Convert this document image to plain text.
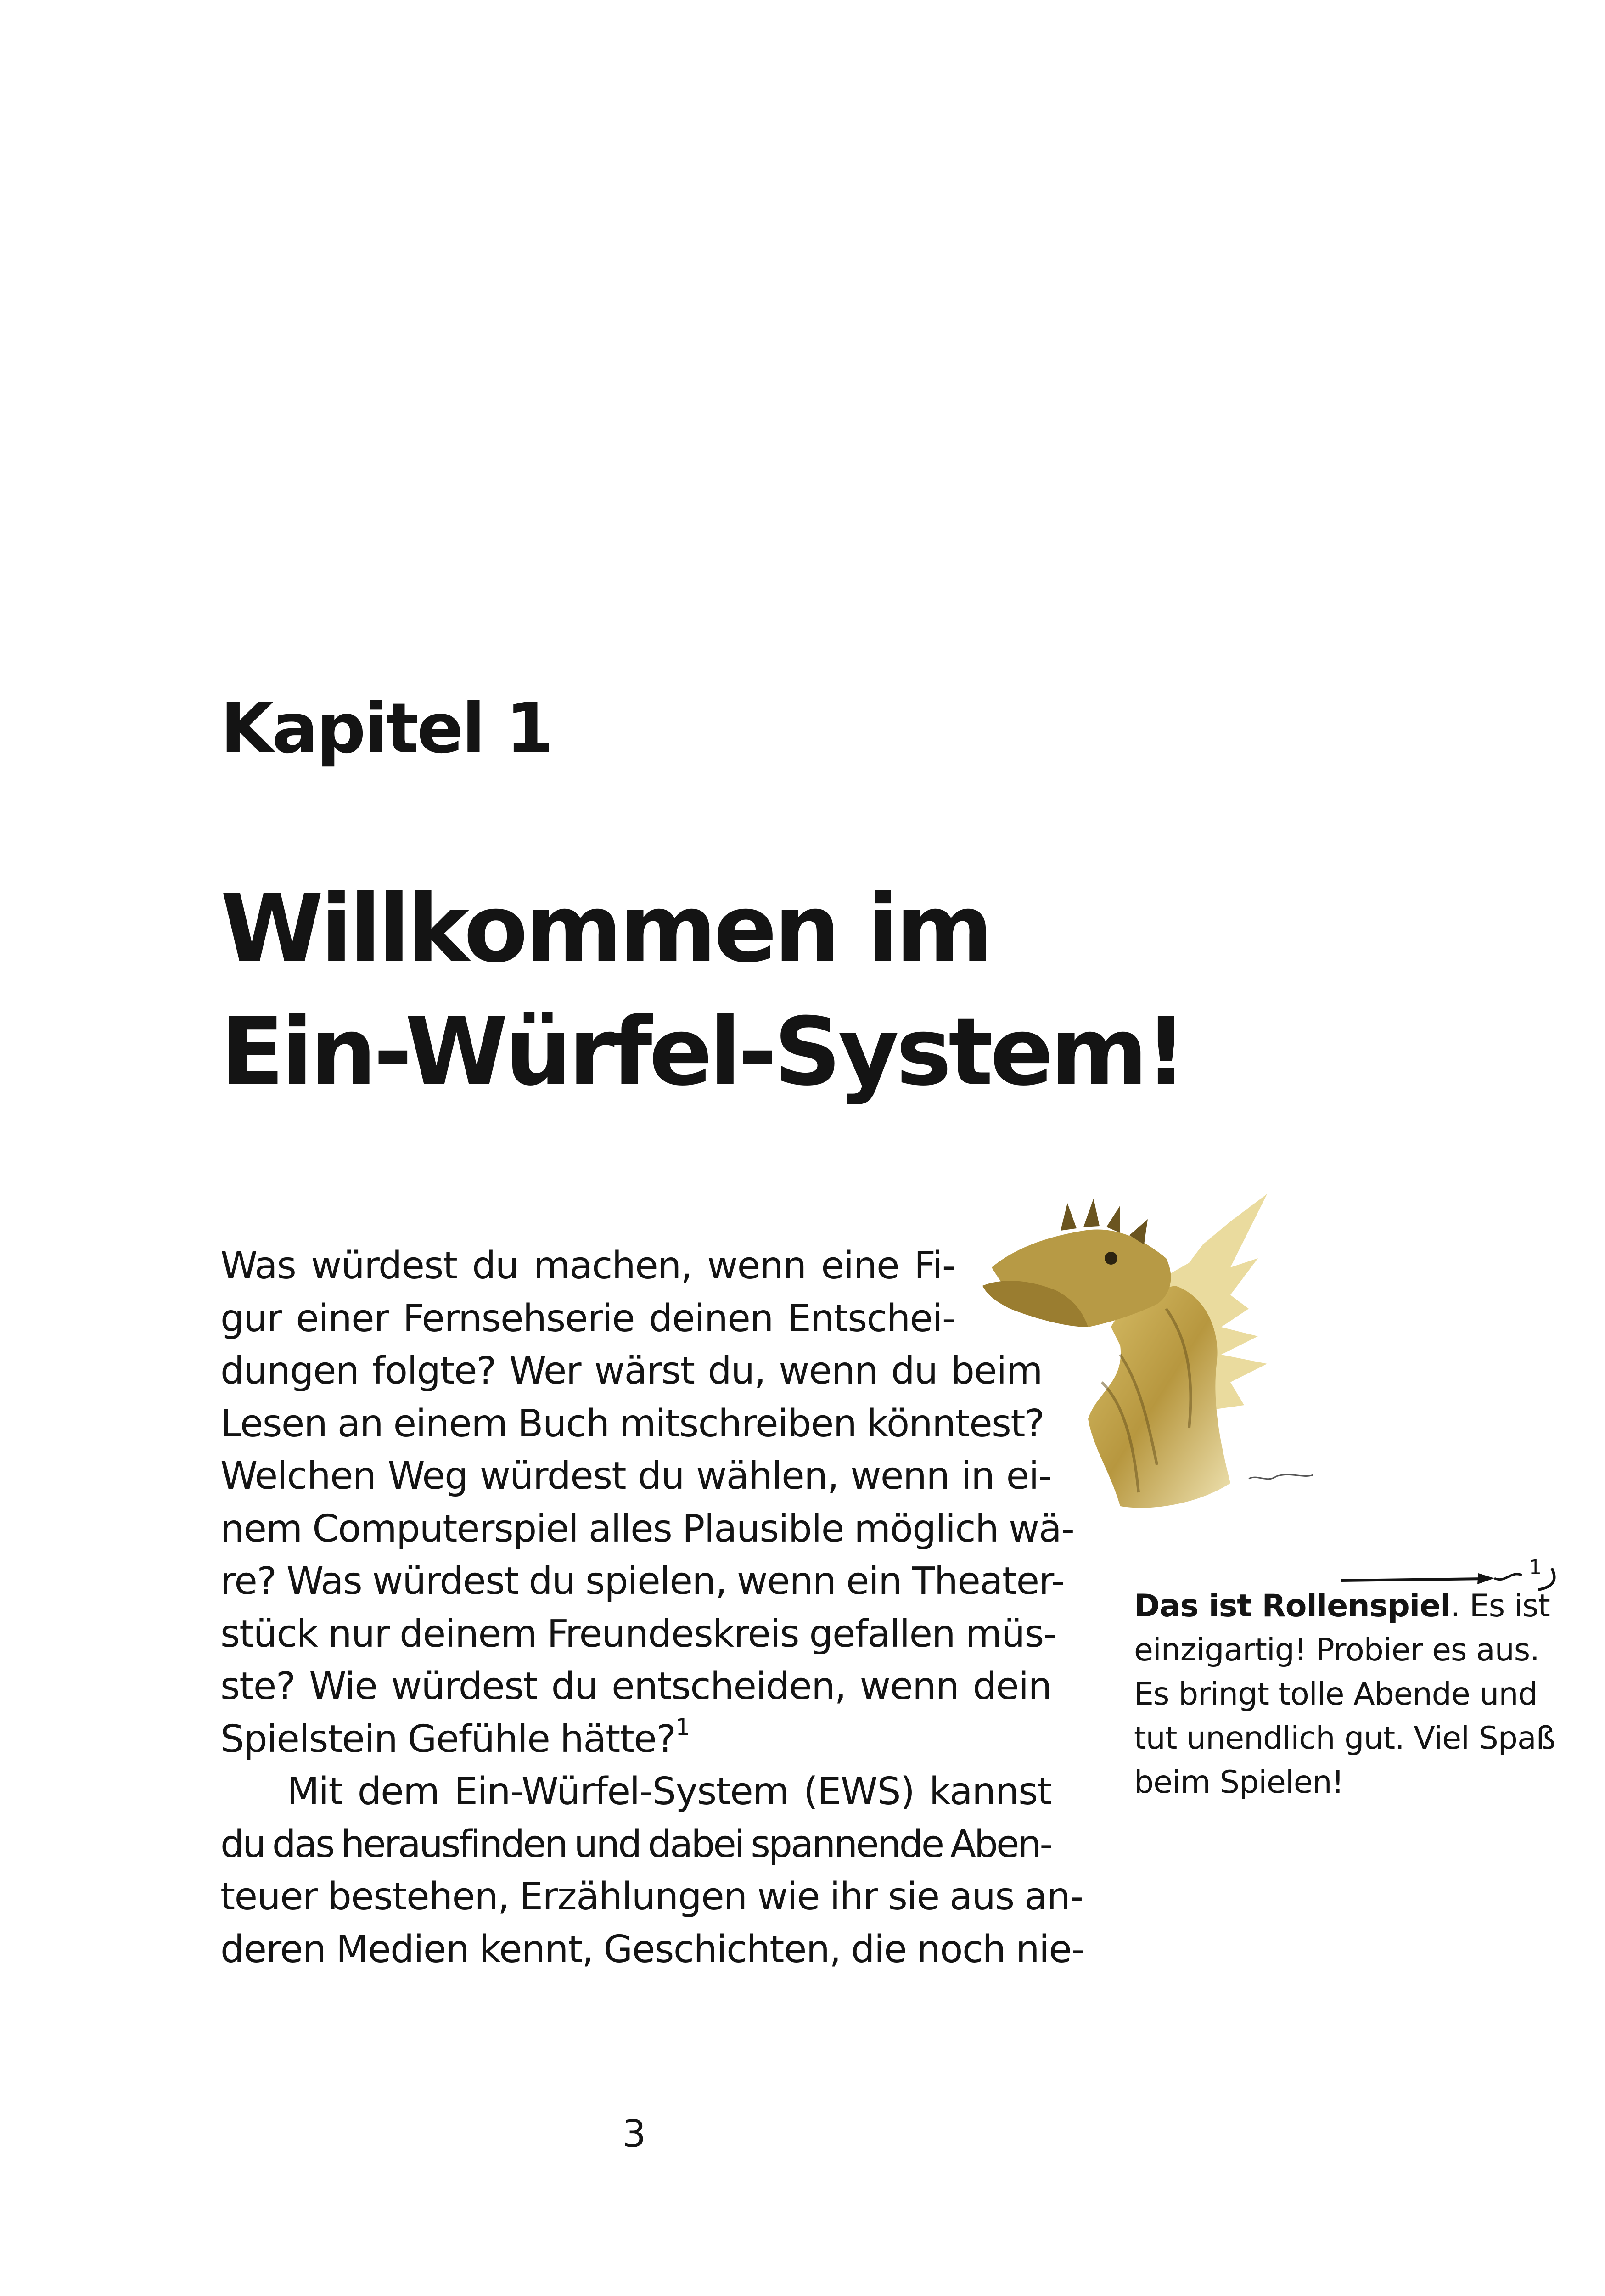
Kapitel 1
Willkommen im
Ein-Würfel-System!
Was würdest du machen, wenn eine Fi-
gur einer Fernsehserie deinen Entschei-
dungen folgte? Wer wärst du, wenn du beim
Lesen an einem Buch mitschreiben könntest?
Welchen Weg würdest du wählen, wenn in ei-
nem Computerspiel alles Plausible möglich wä-
re? Was würdest du spielen, wenn ein Theater-
stück nur deinem Freundeskreis gefallen müs-
ste? Wie würdest du entscheiden, wenn dein
Spielstein Gefühle hätte?$^1$
Mit dem Ein-Würfel-System (EWS) kannst
du das herausfinden und dabei spannende Aben-
teuer bestehen, Erzählungen wie ihr sie aus an-
deren Medien kennt, Geschichten, die noch nie-
1
Das ist Rollenspiel. Es ist
einzigartig! Probier es aus.
Es bringt tolle Abende und
tut unendlich gut. Viel Spaß
beim Spielen!
3
